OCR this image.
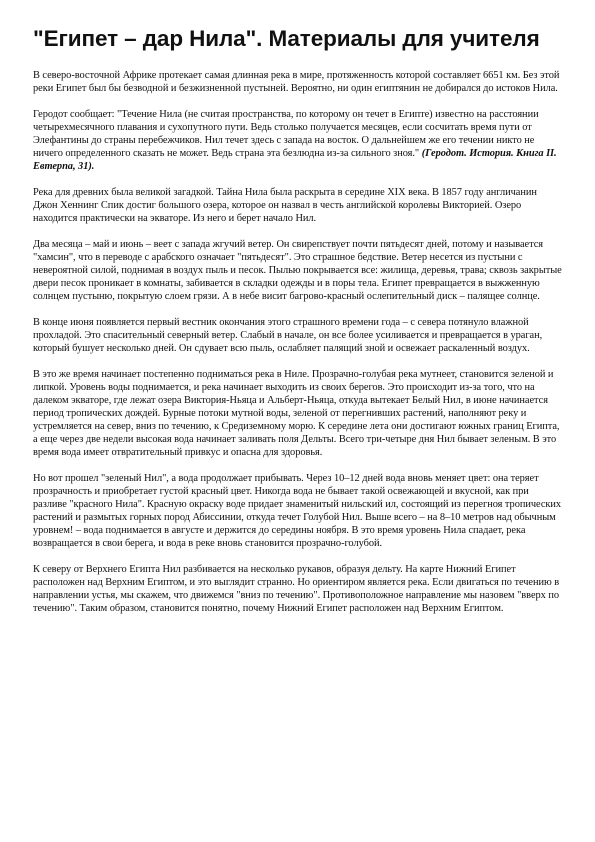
"Египет – дар Нила". Материалы для учителя

В северо-восточной Африке протекает самая длинная река в мире, протяженность которой составляет 6651 км. Без этой реки Египет был бы безводной и безжизненной пустыней. Вероятно, ни один египтянин не добирался до истоков Нила.

Геродот сообщает: "Течение Нила (не считая пространства, по которому он течет в Египте) известно на расстоянии четырехмесячного плавания и сухопутного пути. Ведь столько получается месяцев, если сосчитать время пути от Элефантины до страны перебежчиков. Нил течет здесь с запада на восток. О дальнейшем же его течении никто не ничего определенного сказать не может. Ведь страна эта безлюдна из-за сильного зноя." (Геродот. История. Книга II. Евтерпа, 31).

Река для древних была великой загадкой. Тайна Нила была раскрыта в середине XIX века. В 1857 году англичанин Джон Хеннинг Спик достиг большого озера, которое он назвал в честь английской королевы Викторией. Озеро находится практически на экваторе. Из него и берет начало Нил.

Два месяца – май и июнь – веет с запада жгучий ветер. Он свирепствует почти пятьдесят дней, потому и называется "хамсин", что в переводе с арабского означает "пятьдесят". Это страшное бедствие. Ветер несется из пустыни с невероятной силой, поднимая в воздух пыль и песок. Пылью покрывается все: жилища, деревья, трава; сквозь закрытые двери песок проникает в комнаты, забивается в складки одежды и в поры тела. Египет превращается в выжженную солнцем пустыню, покрытую слоем грязи. А в небе висит багрово-красный ослепительный диск – палящее солнце.

В конце июня появляется первый вестник окончания этого страшного времени года – с севера потянуло влажной прохладой. Это спасительный северный ветер. Слабый в начале, он все более усиливается и превращается в ураган, который бушует несколько дней. Он сдувает всю пыль, ослабляет палящий зной и освежает раскаленный воздух.

В это же время начинает постепенно подниматься река в Ниле. Прозрачно-голубая река мутнеет, становится зеленой и липкой. Уровень воды поднимается, и река начинает выходить из своих берегов. Это происходит из-за того, что на далеком экваторе, где лежат озера Виктория-Ньяца и Альберт-Ньяца, откуда вытекает Белый Нил, в июне начинается период тропических дождей. Бурные потоки мутной воды, зеленой от перегнивших растений, наполняют реку и устремляется на север, вниз по течению, к Средиземному морю. К середине лета они достигают южных границ Египта, а еще через две недели высокая вода начинает заливать поля Дельты. Всего три-четыре дня Нил бывает зеленым. В это время вода имеет отвратительный привкус и опасна для здоровья.

Но вот прошел "зеленый Нил", а вода продолжает прибывать. Через 10–12 дней вода вновь меняет цвет: она теряет прозрачность и приобретает густой красный цвет. Никогда вода не бывает такой освежающей и вкусной, как при разливе "красного Нила". Красную окраску воде придает знаменитый нильский ил, состоящий из перегноя тропических растений и размытых горных пород Абиссинии, откуда течет Голубой Нил. Выше всего – на 8–10 метров над обычным уровнем! – вода поднимается в августе и держится до середины ноября. В это время уровень Нила спадает, река возвращается в свои берега, и вода в реке вновь становится прозрачно-голубой.

К северу от Верхнего Египта Нил разбивается на несколько рукавов, образуя дельту. На карте Нижний Египет расположен над Верхним Египтом, и это выглядит странно. Но ориентиром является река. Если двигаться по течению в направлении устья, мы скажем, что движемся "вниз по течению". Противоположное направление мы назовем "вверх по течению". Таким образом, становится понятно, почему Нижний Египет расположен над Верхним Египтом.
